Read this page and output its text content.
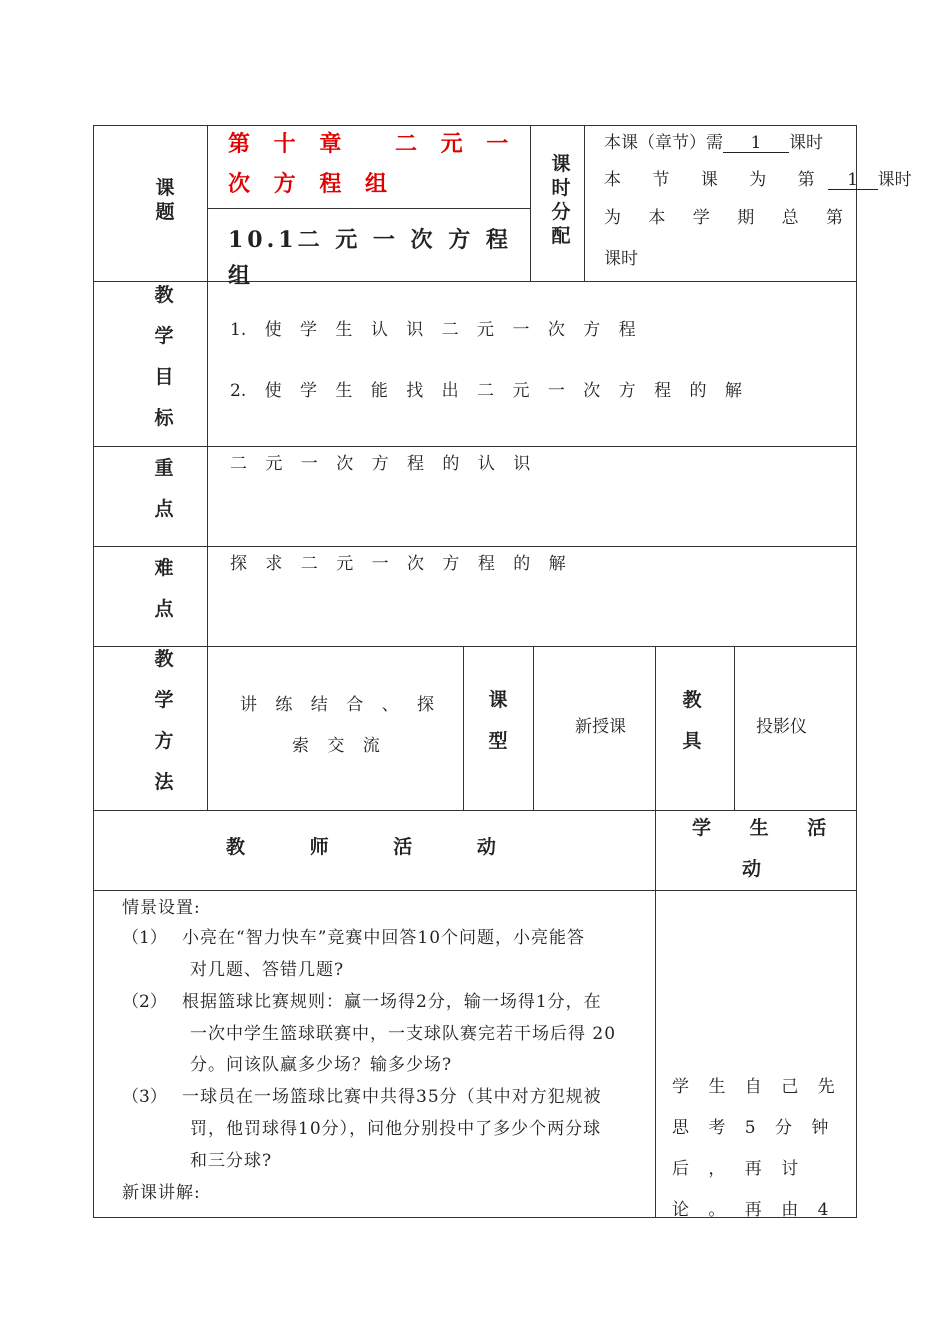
课 题
第 十 章 　二 元 一 次 方 程 组
10.1二 元 一 次 方 程 组
课 时 分 配
本课（章节）需 1 课时
本 节 课 为 第 1 课时
为 本 学 期 总 第
课时
教 学 目 标
1. 使 学 生 认 识 二 元 一 次 方 程
2. 使 学 生 能 找 出 二 元 一 次 方 程 的 解
重 点
二 元 一 次 方 程 的 认 识
难 点
探 求 二 元 一 次 方 程 的 解
教 学 方 法
讲 练 结 合 、 探
索 交 流
课 型
新授课
教 具
投影仪
教 师 活 动
学 生 活
动
情景设置:
（1） 小亮在“智力快车”竞赛中回答10个问题，小亮能答
对几题、答错几题?
（2） 根据篮球比赛规则：赢一场得2分，输一场得1分，在
一次中学生篮球联赛中，一支球队赛完若干场后得 20
分。问该队赢多少场？输多少场?
（3） 一球员在一场篮球比赛中共得35分（其中对方犯规被
罚，他罚球得10分），问他分别投中了多少个两分球
和三分球?
新课讲解:
学 生 自 己 先
思 考 5 分 钟
后 ， 再 讨
论 。 再 由 4
